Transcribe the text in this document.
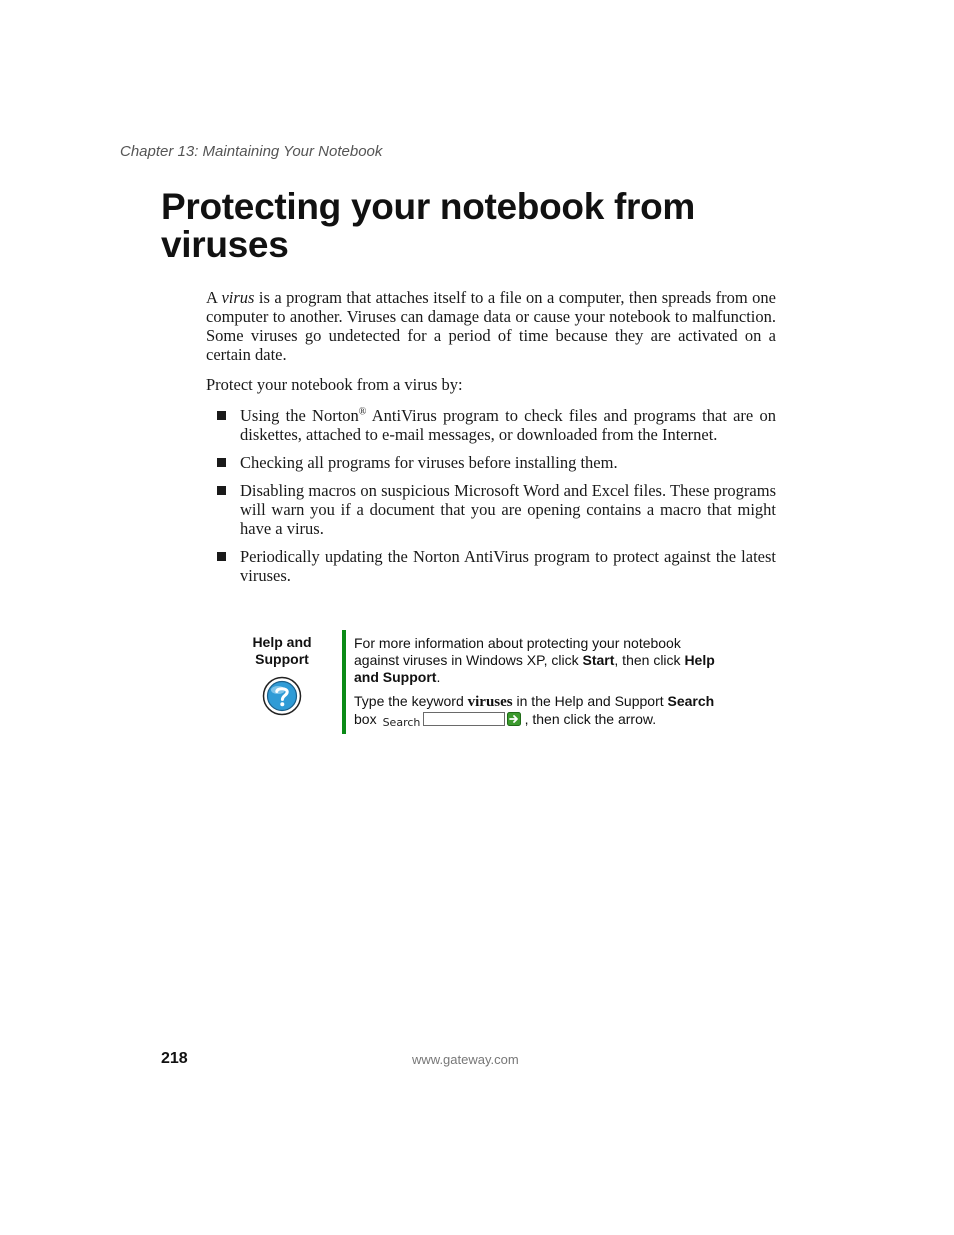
Chapter 13: Maintaining Your Notebook
Protecting your notebook from viruses

A virus is a program that attaches itself to a file on a computer, then spreads from one computer to another. Viruses can damage data or cause your notebook to malfunction. Some viruses go undetected for a period of time because they are activated on a certain date.

Protect your notebook from a virus by:

Using the Norton® AntiVirus program to check files and programs that are on diskettes, attached to e-mail messages, or downloaded from the Internet.
Checking all programs for viruses before installing them.
Disabling macros on suspicious Microsoft Word and Excel files. These programs will warn you if a document that you are opening contains a macro that might have a virus.
Periodically updating the Norton AntiVirus program to protect against the latest viruses.
Help and
Support

For more information about protecting your notebook against viruses in Windows XP, click Start, then click Help and Support.

Type the keyword viruses in the Help and Support Search
box Search	, then click the arrow.

218	www.gateway.com
